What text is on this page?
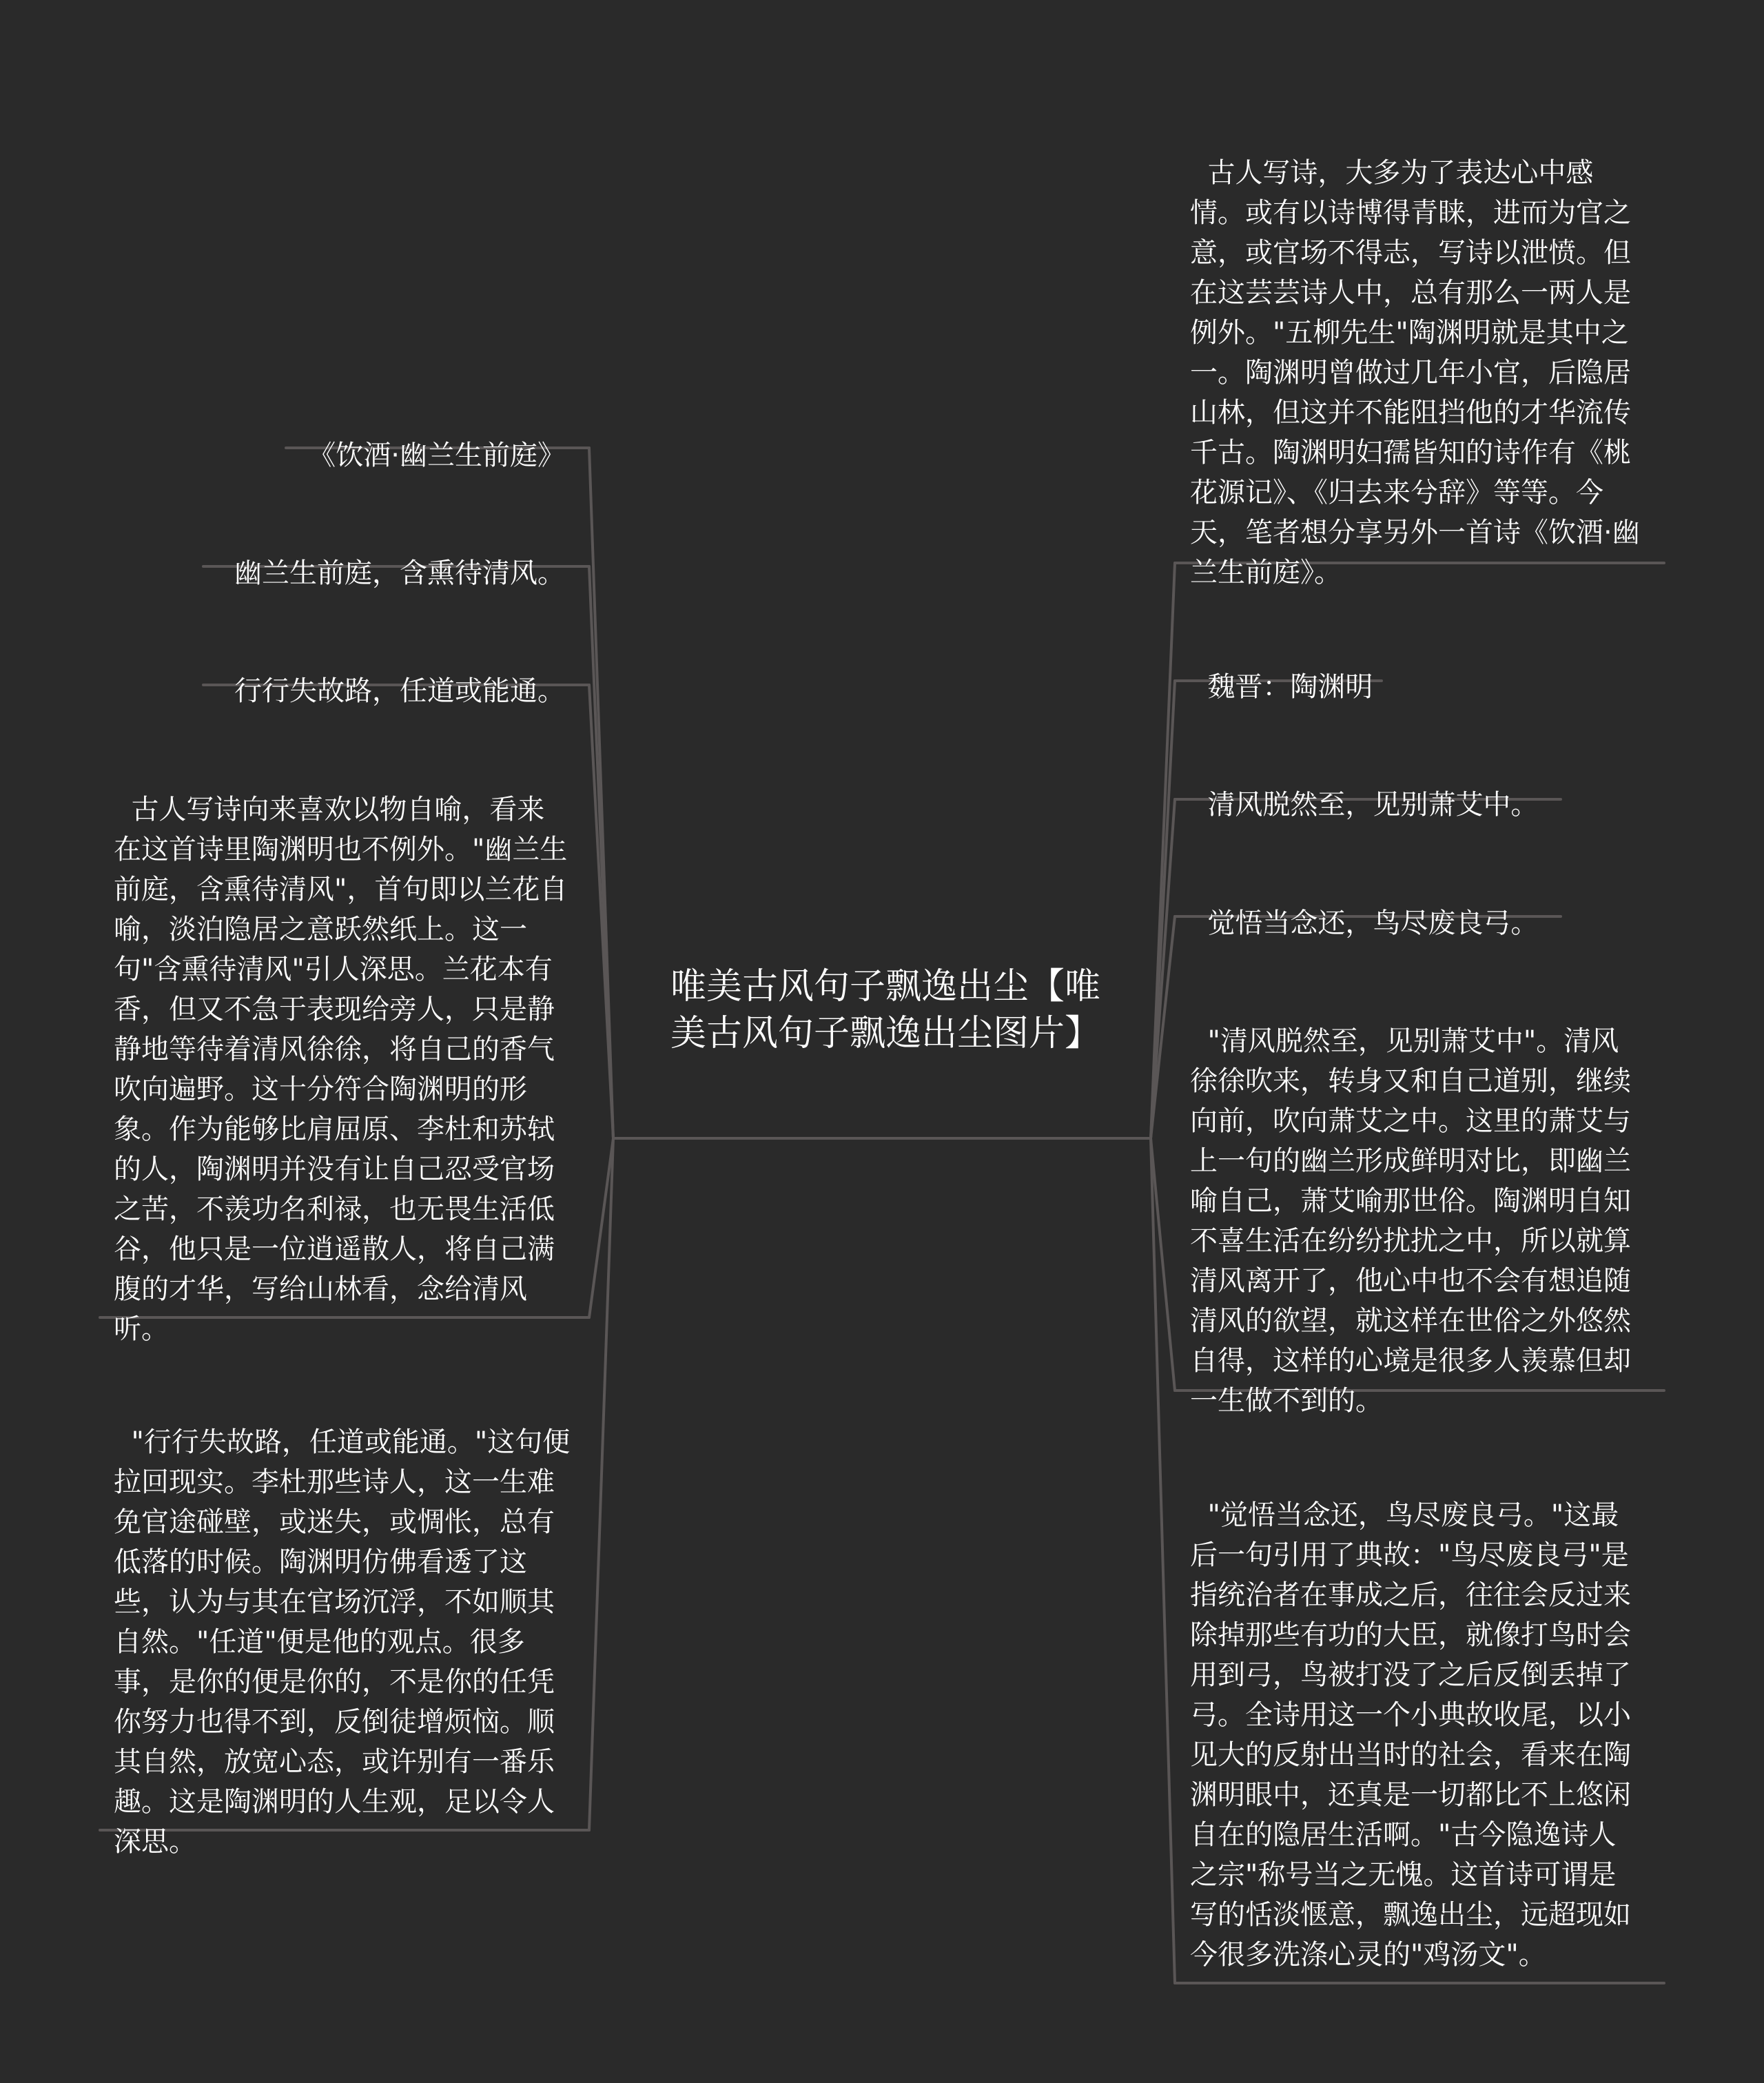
唯美古风句子飘逸出尘【唯美古风句子飘逸出尘图片】

《饮酒·幽兰生前庭》

幽兰生前庭，含熏待清风。

行行失故路，任道或能通。

古人写诗向来喜欢以物自喻，看来在这首诗里陶渊明也不例外。"幽兰生前庭，含熏待清风"，首句即以兰花自喻，淡泊隐居之意跃然纸上。这一句"含熏待清风"引人深思。兰花本有香，但又不急于表现给旁人，只是静静地等待着清风徐徐，将自己的香气吹向遍野。这十分符合陶渊明的形象。作为能够比肩屈原、李杜和苏轼的人，陶渊明并没有让自己忍受官场之苦，不羡功名利禄，也无畏生活低谷，他只是一位逍遥散人，将自己满腹的才华，写给山林看，念给清风听。

"行行失故路，任道或能通。"这句便拉回现实。李杜那些诗人，这一生难免官途碰壁，或迷失，或惆怅，总有低落的时候。陶渊明仿佛看透了这些，认为与其在官场沉浮，不如顺其自然。"任道"便是他的观点。很多事，是你的便是你的，不是你的任凭你努力也得不到，反倒徒增烦恼。顺其自然，放宽心态，或许别有一番乐趣。这是陶渊明的人生观，足以令人深思。

古人写诗，大多为了表达心中感情。或有以诗博得青睐，进而为官之意，或官场不得志，写诗以泄愤。但在这芸芸诗人中，总有那么一两人是例外。"五柳先生"陶渊明就是其中之一。陶渊明曾做过几年小官，后隐居山林，但这并不能阻挡他的才华流传千古。陶渊明妇孺皆知的诗作有《桃花源记》、《归去来兮辞》等等。今天，笔者想分享另外一首诗《饮酒·幽兰生前庭》。

魏晋：陶渊明

清风脱然至，见别萧艾中。

觉悟当念还，鸟尽废良弓。

"清风脱然至，见别萧艾中"。清风徐徐吹来，转身又和自己道别，继续向前，吹向萧艾之中。这里的萧艾与上一句的幽兰形成鲜明对比，即幽兰喻自己，萧艾喻那世俗。陶渊明自知不喜生活在纷纷扰扰之中，所以就算清风离开了，他心中也不会有想追随清风的欲望，就这样在世俗之外悠然自得，这样的心境是很多人羡慕但却一生做不到的。

"觉悟当念还，鸟尽废良弓。"这最后一句引用了典故："鸟尽废良弓"是指统治者在事成之后，往往会反过来除掉那些有功的大臣，就像打鸟时会用到弓，鸟被打没了之后反倒丢掉了弓。全诗用这一个小典故收尾，以小见大的反射出当时的社会，看来在陶渊明眼中，还真是一切都比不上悠闲自在的隐居生活啊。"古今隐逸诗人之宗"称号当之无愧。这首诗可谓是写的恬淡惬意，飘逸出尘，远超现如今很多洗涤心灵的"鸡汤文"。
